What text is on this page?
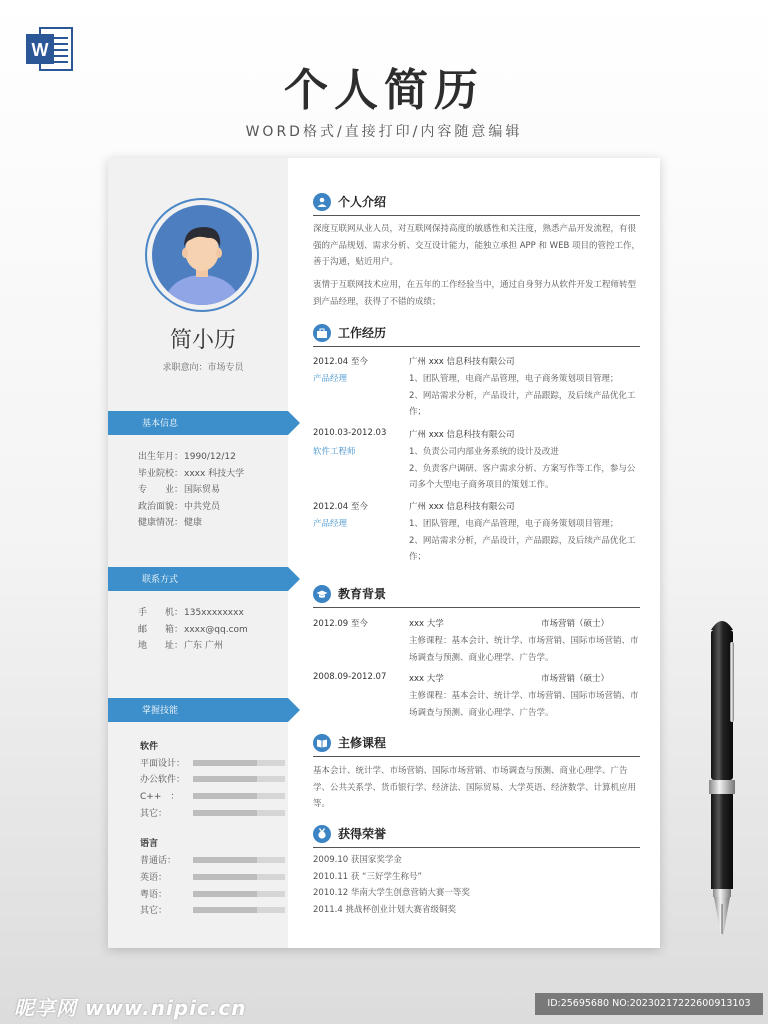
W
个人简历
WORD格式/直接打印/内容随意编辑
简小历
求职意向：市场专员
基本信息
出生年月：1990/12/12
毕业院校：xxxx 科技大学
专　　业：国际贸易
政治面貌：中共党员
健康情况：健康
联系方式
手　　机：135xxxxxxxx
邮　　箱：xxxx@qq.com
地　　址：广东 广州
掌握技能
软件
平面设计：
办公软件：
C++　：
其它：
语言
普通话：
英语：
粤语：
其它：
个人介绍
深度互联网从业人员，对互联网保持高度的敏感性和关注度，熟悉产品开发流程，有很强的产品规划、需求分析、交互设计能力，能独立承担 APP 和 WEB 项目的管控工作，善于沟通，贴近用户。
衷情于互联网技术应用，在五年的工作经验当中，通过自身努力从软件开发工程师转型到产品经理，获得了不错的成绩；
工作经历
2012.04 至今
产品经理
广州 xxx 信息科技有限公司
1、团队管理，电商产品管理，电子商务策划项目管理；
2、网站需求分析，产品设计，产品跟踪，及后续产品优化工作；
2010.03-2012.03
软件工程师
广州 xxx 信息科技有限公司
1、负责公司内部业务系统的设计及改进
2、负责客户调研、客户需求分析、方案写作等工作，参与公司多个大型电子商务项目的策划工作。
2012.04 至今
产品经理
广州 xxx 信息科技有限公司
1、团队管理，电商产品管理，电子商务策划项目管理；
2、网站需求分析，产品设计，产品跟踪，及后续产品优化工作；
教育背景
2012.09 至今	xxx 大学	市场营销（硕士）
主修课程：基本会计、统计学、市场营销、国际市场营销、市场调查与预测、商业心理学、广告学。
2008.09-2012.07	xxx 大学	市场营销（硕士）
主修课程：基本会计、统计学、市场营销、国际市场营销、市场调查与预测、商业心理学、广告学。
主修课程
基本会计、统计学、市场营销、国际市场营销、市场调查与预测、商业心理学、广告学、公共关系学、货币银行学、经济法、国际贸易、大学英语、经济数学、计算机应用等。
获得荣誉
2009.10 获国家奖学金
2010.11 获 “三好学生称号”
2010.12 华南大学生创意营销大赛一等奖
2011.4 挑战杯创业计划大赛省级铜奖
昵享网 www.nipic.cn	ID:25695680 NO:20230217222600913103
